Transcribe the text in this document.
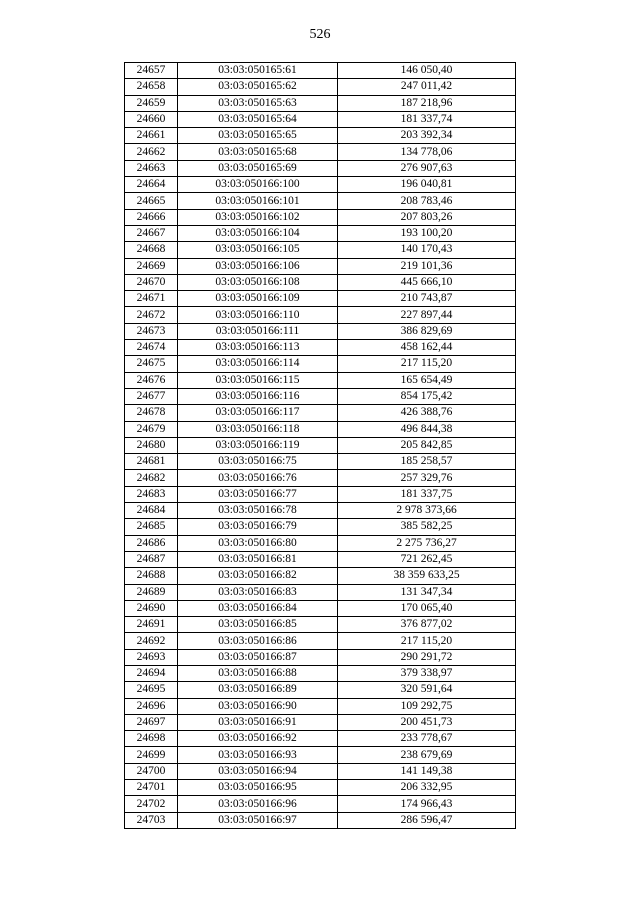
526
24657	03:03:050165:61	146 050,40
24658	03:03:050165:62	247 011,42
24659	03:03:050165:63	187 218,96
24660	03:03:050165:64	181 337,74
24661	03:03:050165:65	203 392,34
24662	03:03:050165:68	134 778,06
24663	03:03:050165:69	276 907,63
24664	03:03:050166:100	196 040,81
24665	03:03:050166:101	208 783,46
24666	03:03:050166:102	207 803,26
24667	03:03:050166:104	193 100,20
24668	03:03:050166:105	140 170,43
24669	03:03:050166:106	219 101,36
24670	03:03:050166:108	445 666,10
24671	03:03:050166:109	210 743,87
24672	03:03:050166:110	227 897,44
24673	03:03:050166:111	386 829,69
24674	03:03:050166:113	458 162,44
24675	03:03:050166:114	217 115,20
24676	03:03:050166:115	165 654,49
24677	03:03:050166:116	854 175,42
24678	03:03:050166:117	426 388,76
24679	03:03:050166:118	496 844,38
24680	03:03:050166:119	205 842,85
24681	03:03:050166:75	185 258,57
24682	03:03:050166:76	257 329,76
24683	03:03:050166:77	181 337,75
24684	03:03:050166:78	2 978 373,66
24685	03:03:050166:79	385 582,25
24686	03:03:050166:80	2 275 736,27
24687	03:03:050166:81	721 262,45
24688	03:03:050166:82	38 359 633,25
24689	03:03:050166:83	131 347,34
24690	03:03:050166:84	170 065,40
24691	03:03:050166:85	376 877,02
24692	03:03:050166:86	217 115,20
24693	03:03:050166:87	290 291,72
24694	03:03:050166:88	379 338,97
24695	03:03:050166:89	320 591,64
24696	03:03:050166:90	109 292,75
24697	03:03:050166:91	200 451,73
24698	03:03:050166:92	233 778,67
24699	03:03:050166:93	238 679,69
24700	03:03:050166:94	141 149,38
24701	03:03:050166:95	206 332,95
24702	03:03:050166:96	174 966,43
24703	03:03:050166:97	286 596,47
